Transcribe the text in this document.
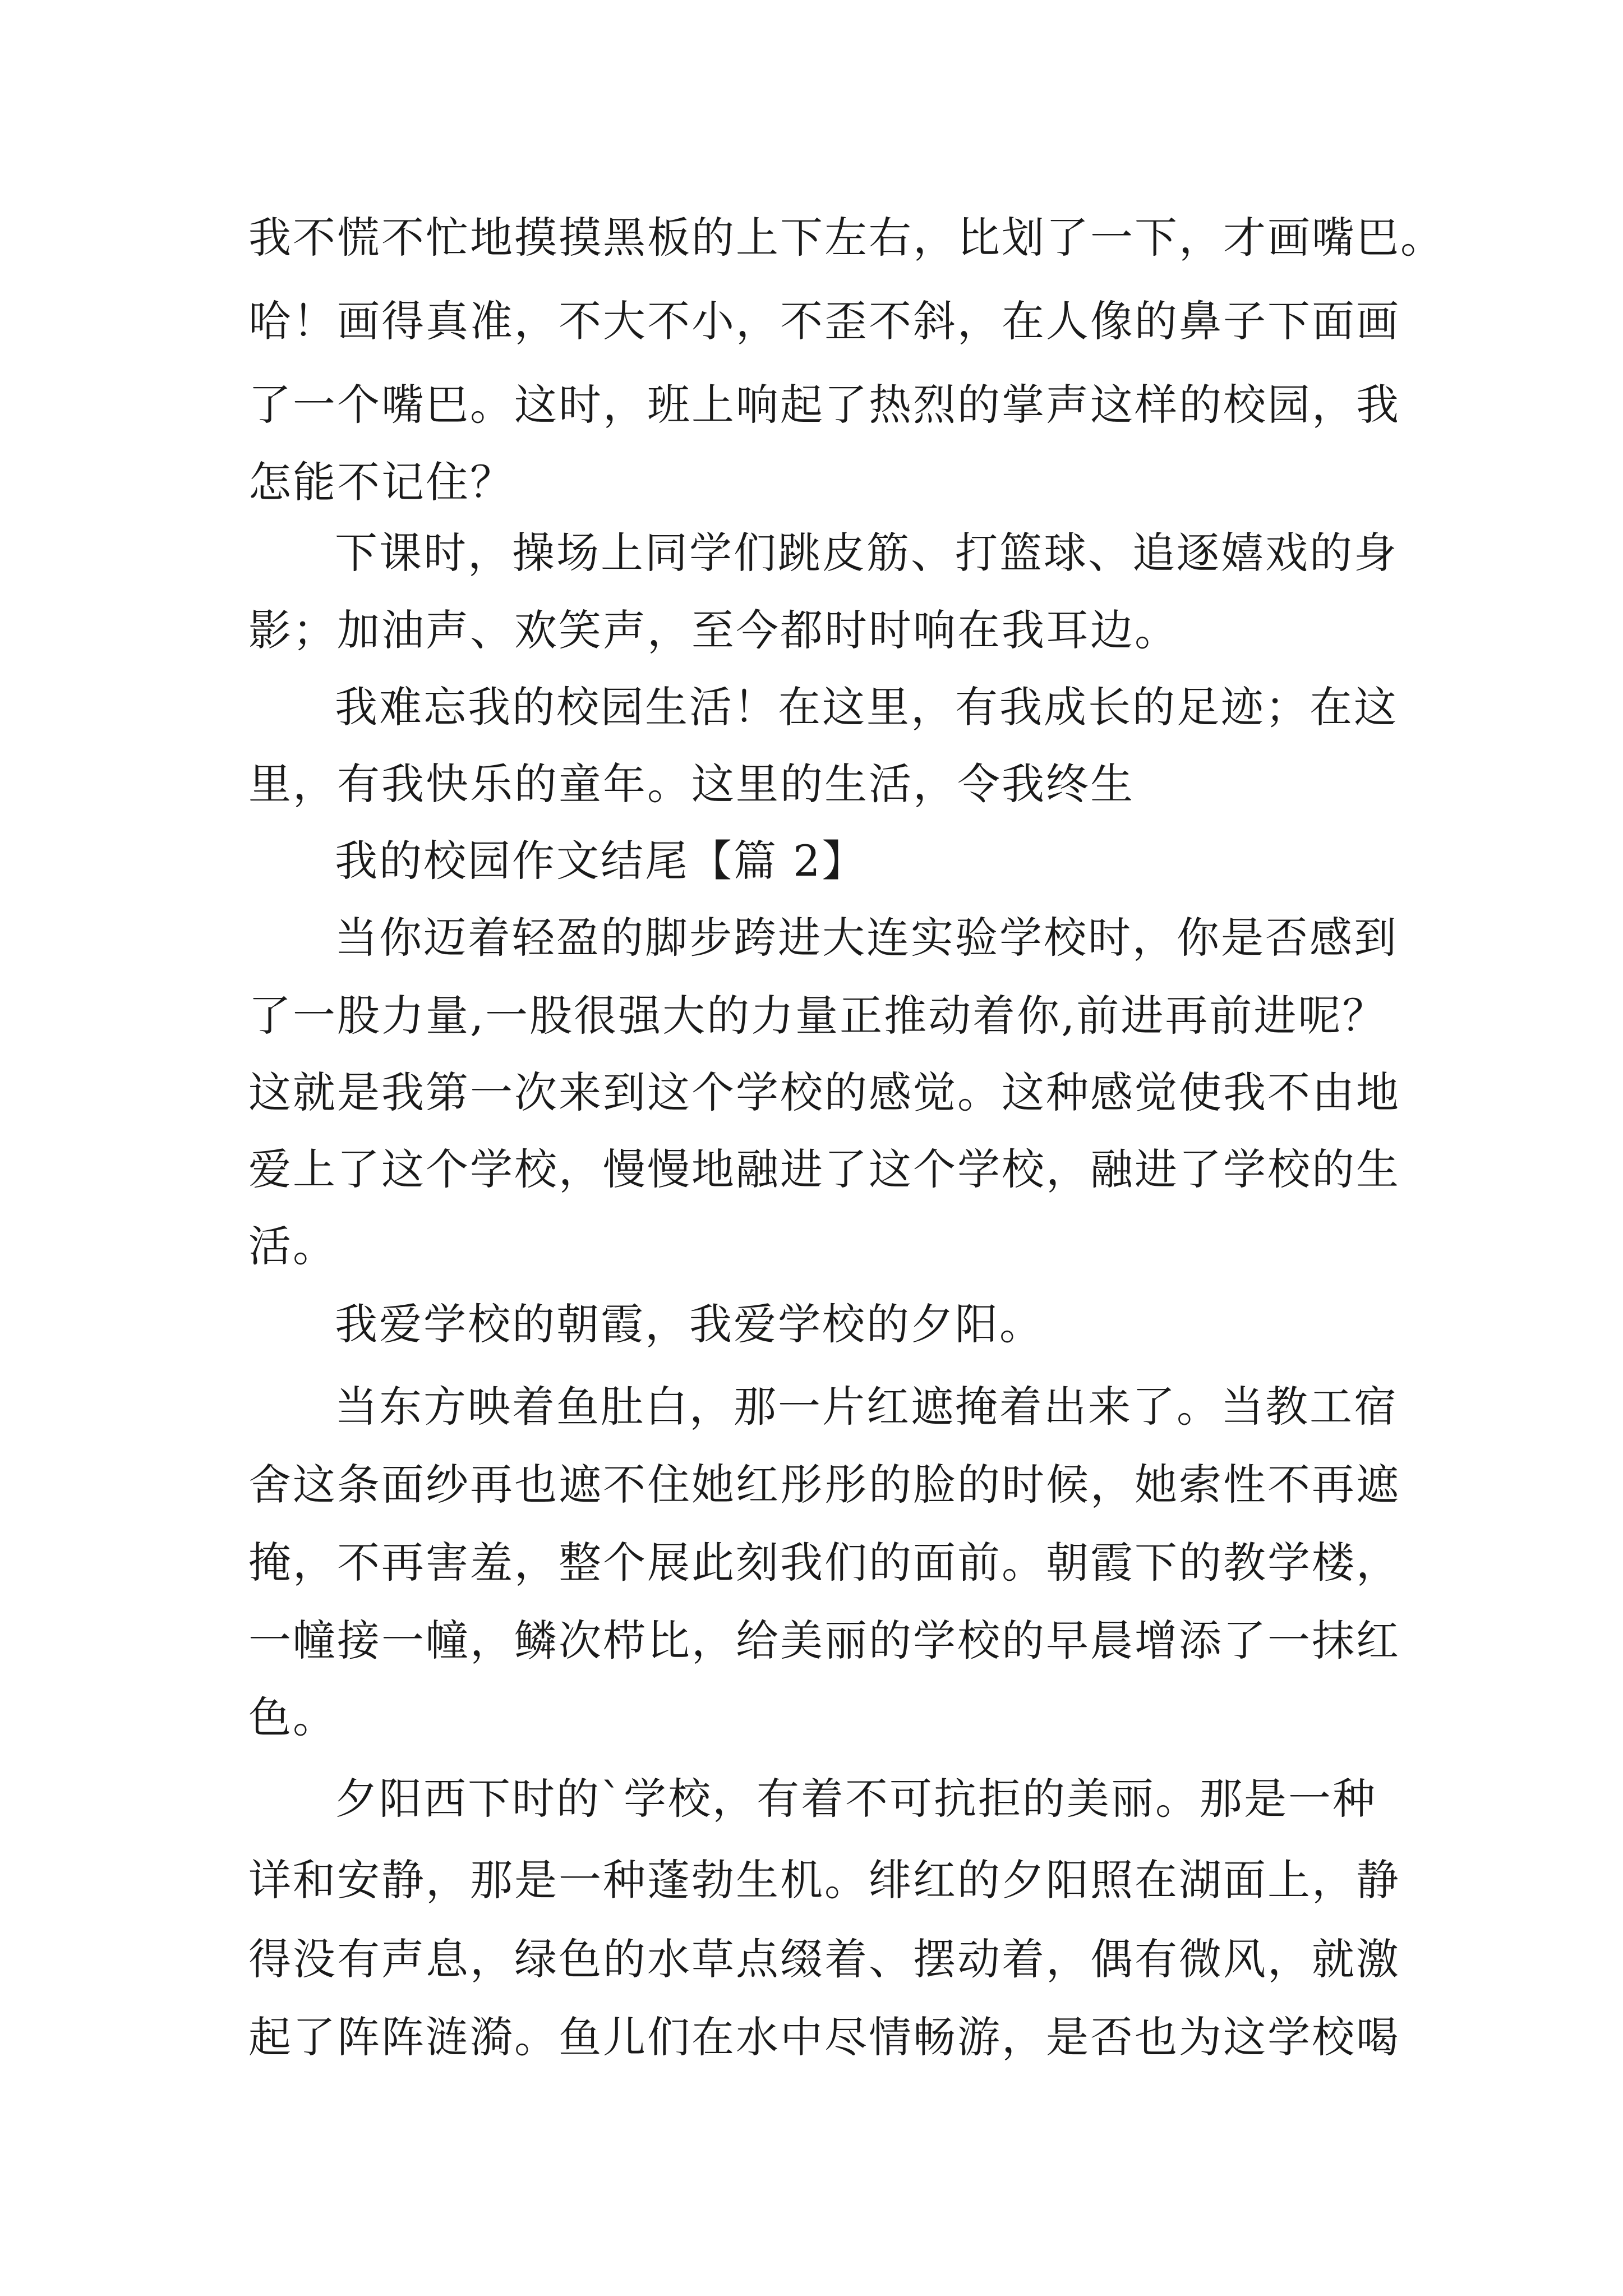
我不慌不忙地摸摸黑板的上下左右，比划了一下，才画嘴巴。
哈！画得真准，不大不小，不歪不斜，在人像的鼻子下面画
了一个嘴巴。这时，班上响起了热烈的掌声这样的校园，我
怎能不记住？
下课时，操场上同学们跳皮筋、打篮球、追逐嬉戏的身
影；加油声、欢笑声，至今都时时响在我耳边。
我难忘我的校园生活！在这里，有我成长的足迹；在这
里，有我快乐的童年。这里的生活，令我终生
我的校园作文结尾【篇 2】
当你迈着轻盈的脚步跨进大连实验学校时，你是否感到
了一股力量,一股很强大的力量正推动着你,前进再前进呢？
这就是我第一次来到这个学校的感觉。这种感觉使我不由地
爱上了这个学校，慢慢地融进了这个学校，融进了学校的生
活。
我爱学校的朝霞，我爱学校的夕阳。
当东方映着鱼肚白，那一片红遮掩着出来了。当教工宿
舍这条面纱再也遮不住她红彤彤的脸的时候，她索性不再遮
掩，不再害羞，整个展此刻我们的面前。朝霞下的教学楼，
一幢接一幢，鳞次栉比，给美丽的学校的早晨增添了一抹红
色。
夕阳西下时的`学校，有着不可抗拒的美丽。那是一种
详和安静，那是一种蓬勃生机。绯红的夕阳照在湖面上，静
得没有声息，绿色的水草点缀着、摆动着，偶有微风，就激
起了阵阵涟漪。鱼儿们在水中尽情畅游，是否也为这学校喝
